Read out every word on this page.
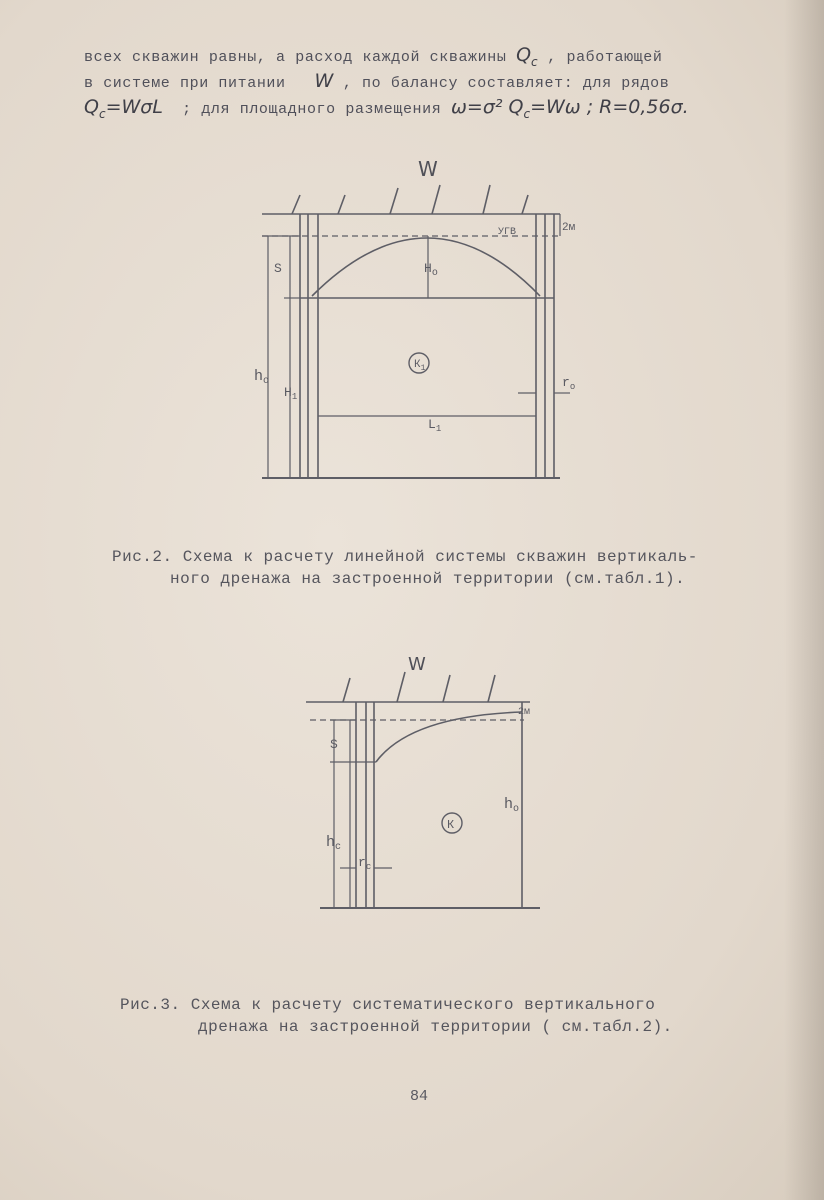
всех скважин равны, а расход каждой скважины $Q_c$ , работающей
в системе при питании W , по балансу составляет: для рядов
$Q_c=W\sigma L$ ; для площадного размещения ω=σ² $Q_c=W\omega$ ; R=0,56σ.
W
2м
УГВ
S	$Н_о$
$К_1$
$h_o$
$H_1$
$r_o$
$L_1$
Рис.2. Схема к расчету линейной системы скважин вертикаль-
ного дренажа на застроенной территории (см.табл.1).
W
2м
S
$h_o$
$h_c$
К
$r_c$
Рис.3. Схема к расчету систематического вертикального
дренажа на застроенной территории ( см.табл.2).
84
